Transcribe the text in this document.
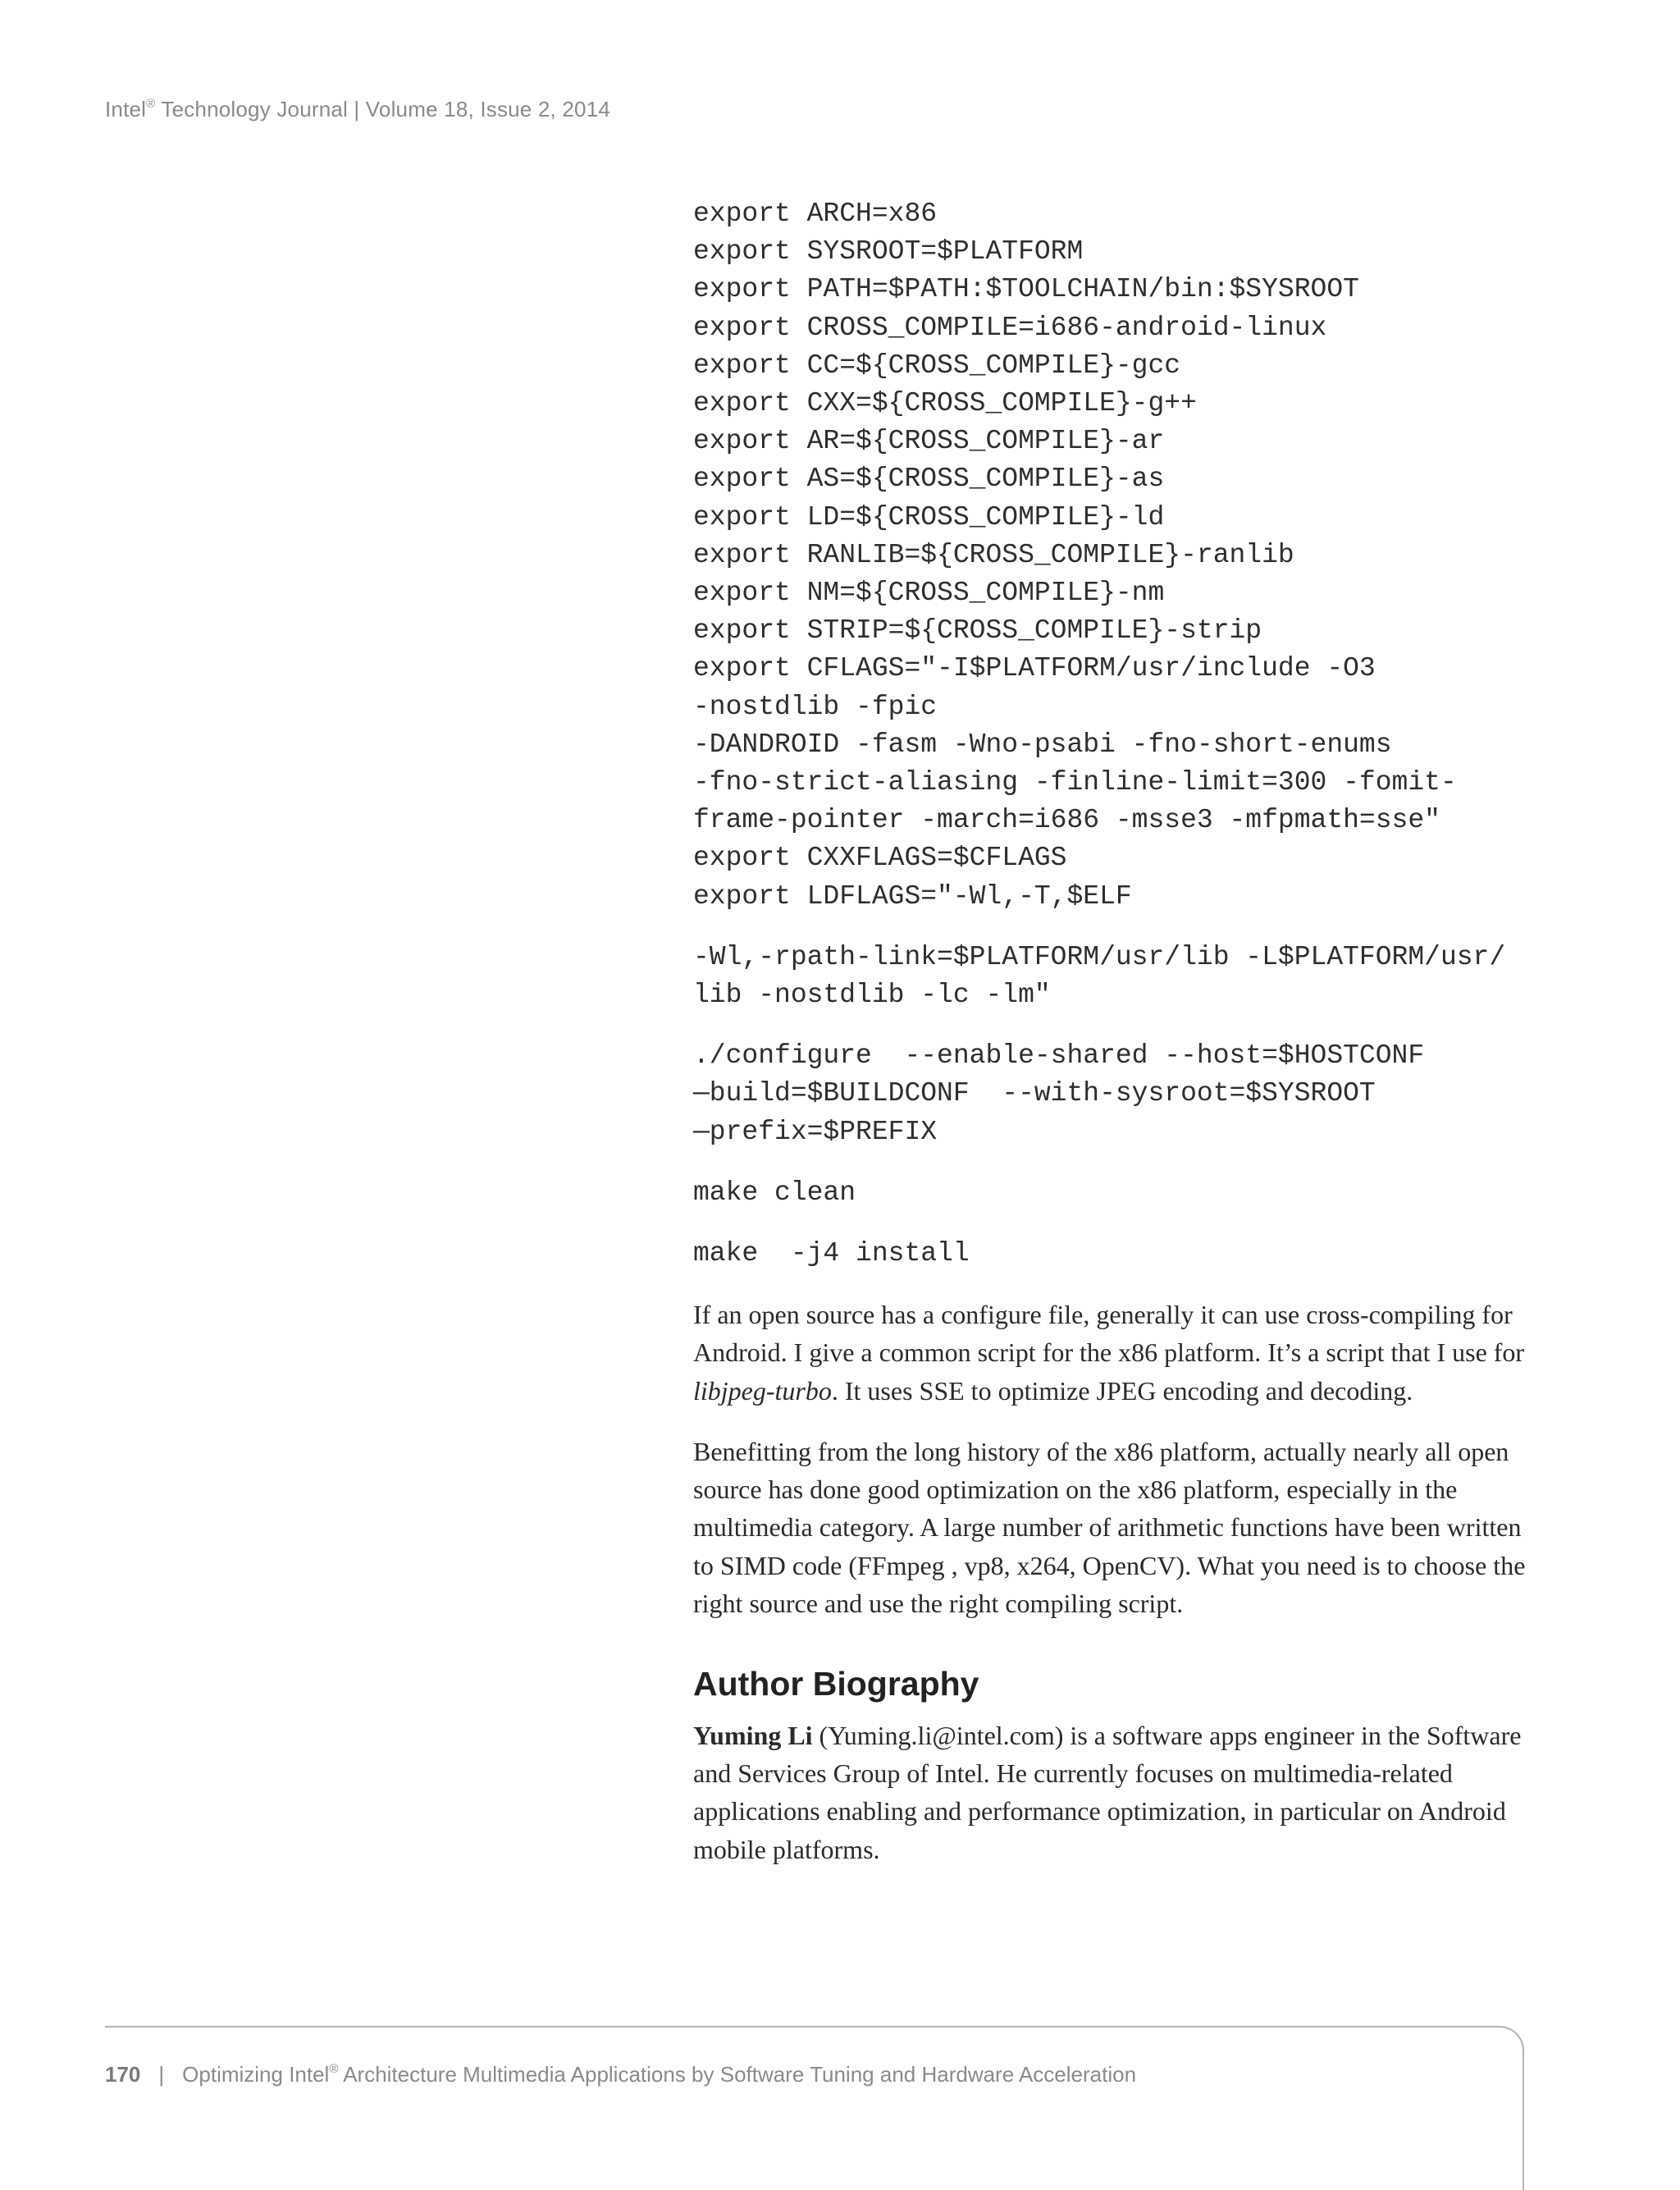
Intel® Technology Journal | Volume 18, Issue 2, 2014
export ARCH=x86
export SYSROOT=$PLATFORM
export PATH=$PATH:$TOOLCHAIN/bin:$SYSROOT
export CROSS_COMPILE=i686-android-linux
export CC=${CROSS_COMPILE}-gcc
export CXX=${CROSS_COMPILE}-g++
export AR=${CROSS_COMPILE}-ar
export AS=${CROSS_COMPILE}-as
export LD=${CROSS_COMPILE}-ld
export RANLIB=${CROSS_COMPILE}-ranlib
export NM=${CROSS_COMPILE}-nm
export STRIP=${CROSS_COMPILE}-strip
export CFLAGS="-I$PLATFORM/usr/include -O3
-nostdlib -fpic
-DANDROID -fasm -Wno-psabi -fno-short-enums
-fno-strict-aliasing -finline-limit=300 -fomit-
frame-pointer -march=i686 -msse3 -mfpmath=sse"
export CXXFLAGS=$CFLAGS
export LDFLAGS="-Wl,-T,$ELF
-Wl,-rpath-link=$PLATFORM/usr/lib -L$PLATFORM/usr/
lib -nostdlib -lc -lm"
./configure  --enable-shared --host=$HOSTCONF
—build=$BUILDCONF  --with-sysroot=$SYSROOT
—prefix=$PREFIX
make clean
make  -j4 install

If an open source has a configure file, generally it can use cross-compiling for Android. I give a common script for the x86 platform. It’s a script that I use for libjpeg-turbo. It uses SSE to optimize JPEG encoding and decoding.

Benefitting from the long history of the x86 platform, actually nearly all open source has done good optimization on the x86 platform, especially in the multimedia category. A large number of arithmetic functions have been written to SIMD code (FFmpeg , vp8, x264, OpenCV). What you need is to choose the right source and use the right compiling script.

Author Biography

Yuming Li (Yuming.li@intel.com) is a software apps engineer in the Software and Services Group of Intel. He currently focuses on multimedia-related applications enabling and performance optimization, in particular on Android mobile platforms.

170 | Optimizing Intel® Architecture Multimedia Applications by Software Tuning and Hardware Acceleration
